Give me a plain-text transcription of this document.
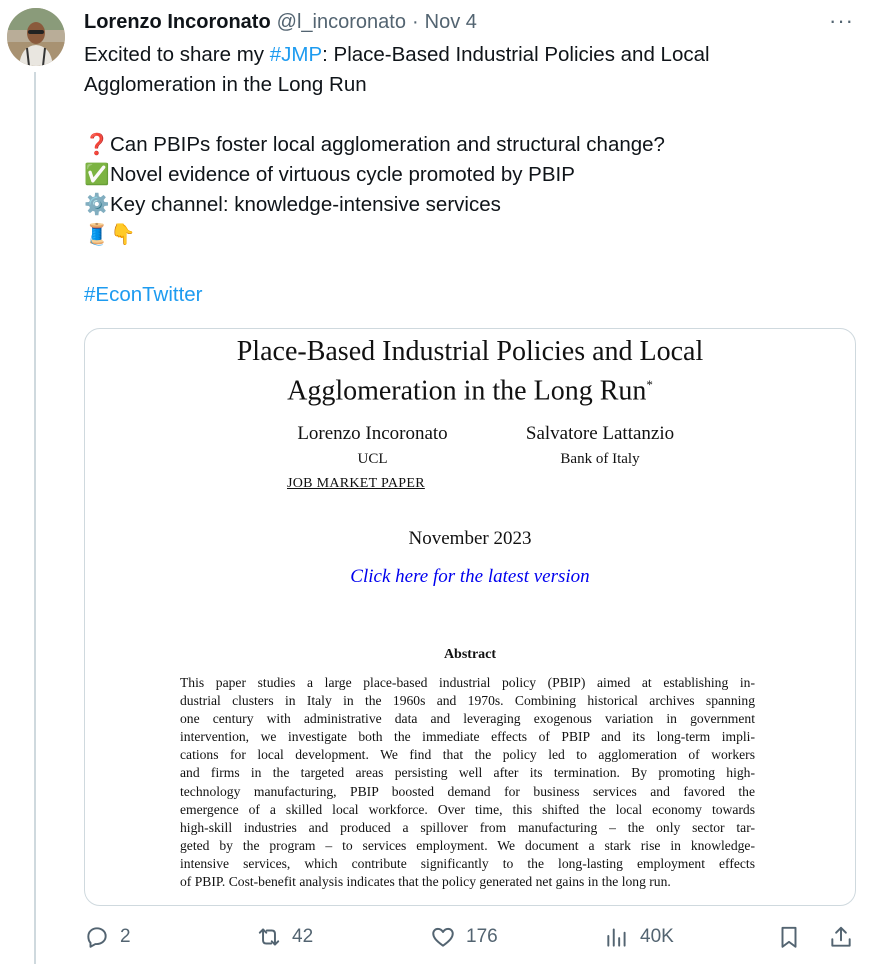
Lorenzo Incoronato @l_incoronato · Nov 4	···
Excited to share my #JMP: Place-Based Industrial Policies and Local
Agglomeration in the Long Run
❓Can PBIPs foster local agglomeration and structural change?
✅Novel evidence of virtuous cycle promoted by PBIP
⚙️Key channel: knowledge-intensive services
🧵👇
#EconTwitter
Place-Based Industrial Policies and Local
Agglomeration in the Long Run*
Lorenzo Incoronato
UCL
JOB MARKET PAPER
Salvatore Lattanzio
Bank of Italy
November 2023
Click here for the latest version
Abstract
This paper studies a large place-based industrial policy (PBIP) aimed at establishing in-
dustrial clusters in Italy in the 1960s and 1970s. Combining historical archives spanning
one century with administrative data and leveraging exogenous variation in government
intervention, we investigate both the immediate effects of PBIP and its long-term impli-
cations for local development. We find that the policy led to agglomeration of workers
and firms in the targeted areas persisting well after its termination. By promoting high-
technology manufacturing, PBIP boosted demand for business services and favored the
emergence of a skilled local workforce. Over time, this shifted the local economy towards
high-skill industries and produced a spillover from manufacturing – the only sector tar-
geted by the program – to services employment. We document a stark rise in knowledge-
intensive services, which contribute significantly to the long-lasting employment effects
of PBIP. Cost-benefit analysis indicates that the policy generated net gains in the long run.
2	42	176	40K
